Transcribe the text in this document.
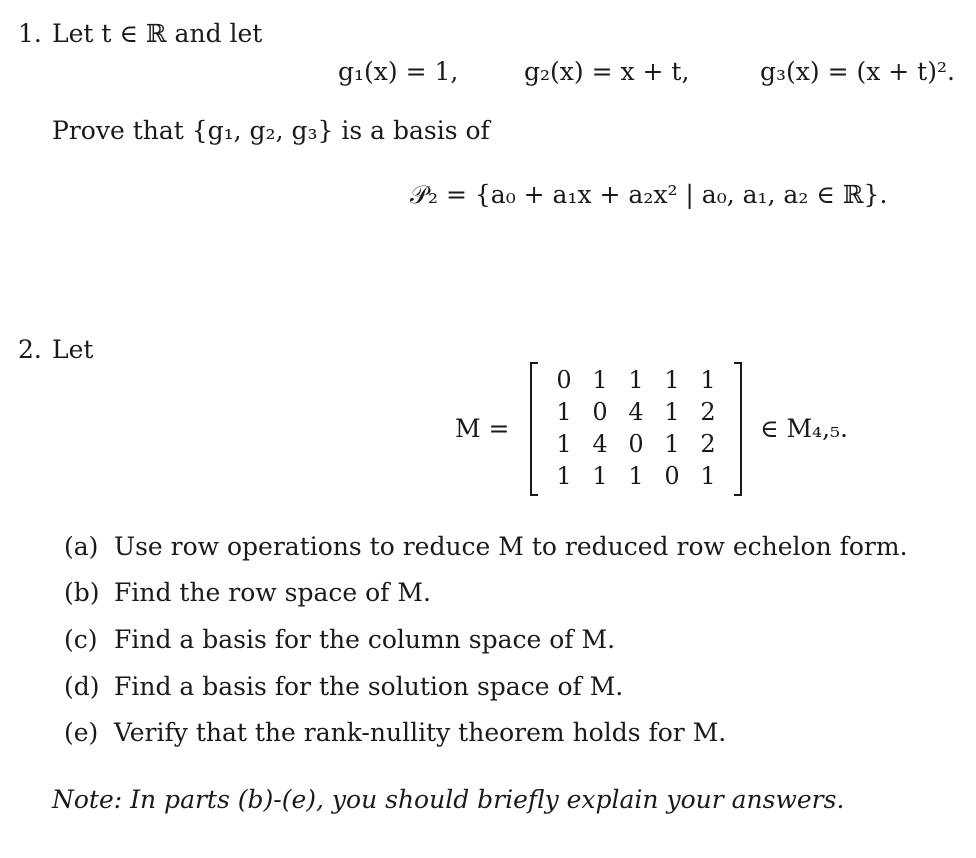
1. Let t ∈ ℝ and let
g₁(x) = 1,	g₂(x) = x + t,	g₃(x) = (x + t)².
Prove that {g₁, g₂, g₃} is a basis of
𝒫₂ = {a₀ + a₁x + a₂x² | a₀, a₁, a₂ ∈ ℝ}.
2. Let
M =
0 1 1 1 1
1 0 4 1 2
1 4 0 1 2
1 1 1 0 1
∈ M₄,₅.
(a) Use row operations to reduce M to reduced row echelon form.
(b) Find the row space of M.
(c) Find a basis for the column space of M.
(d) Find a basis for the solution space of M.
(e) Verify that the rank-nullity theorem holds for M.
Note: In parts (b)-(e), you should briefly explain your answers.
